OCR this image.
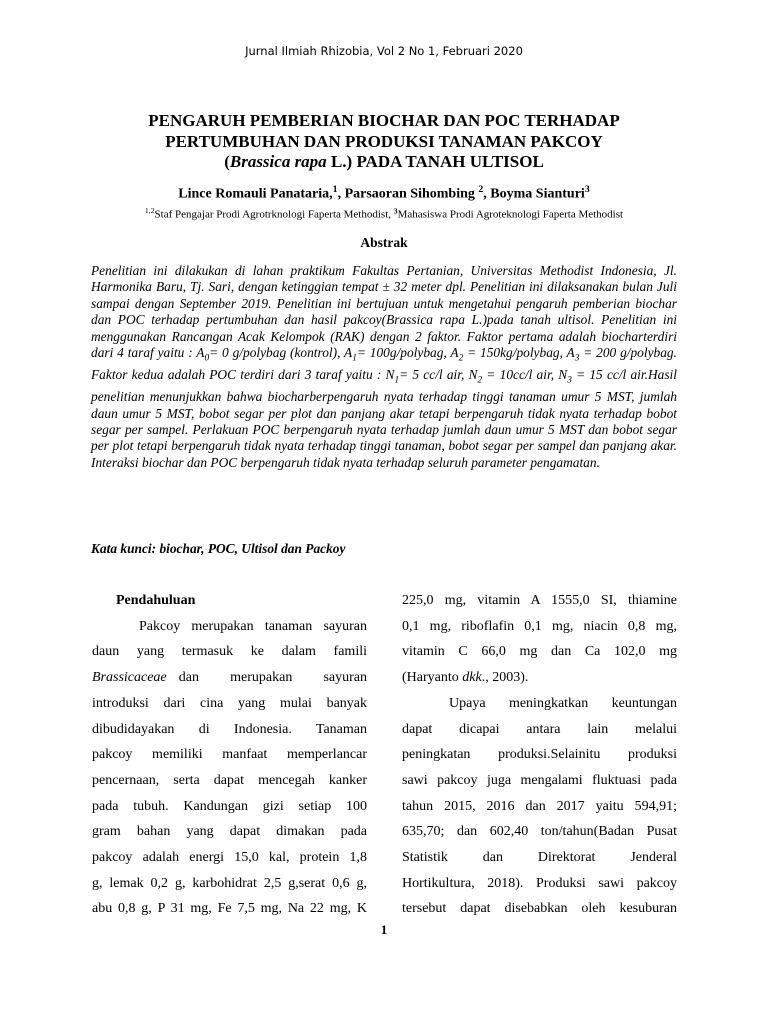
Jurnal Ilmiah Rhizobia, Vol 2 No 1, Februari 2020
PENGARUH PEMBERIAN BIOCHAR DAN POC TERHADAP
PERTUMBUHAN DAN PRODUKSI TANAMAN PAKCOY
(Brassica rapa L.) PADA TANAH ULTISOL
Lince Romauli Panataria,$^1$, Parsaoran Sihombing $^2$, Boyma Sianturi$^3$
$^{1,2}$Staf Pengajar Prodi Agrotrknologi Faperta Methodist, $^3$Mahasiswa Prodi Agroteknologi Faperta Methodist
Abstrak

Penelitian ini dilakukan di lahan praktikum Fakultas Pertanian, Universitas Methodist Indonesia, Jl. Harmonika Baru, Tj. Sari, dengan ketinggian tempat ± 32 meter dpl. Penelitian ini dilaksanakan bulan Juli sampai dengan September 2019. Penelitian ini bertujuan untuk mengetahui pengaruh pemberian biochar dan POC terhadap pertumbuhan dan hasil pakcoy(Brassica rapa L.)pada tanah ultisol. Penelitian ini menggunakan Rancangan Acak Kelompok (RAK) dengan 2 faktor. Faktor pertama adalah biocharterdiri dari 4 taraf yaitu : $A_0= 0$ g/polybag (kontrol), $A_1=$ 100g/polybag, $A_2$ = 150kg/polybag, $A_3 = 200$ g/polybag. Faktor kedua adalah POC terdiri dari 3 taraf yaitu : $N_1= 5$ cc/l air, $N_2 = 10cc/l$ air, $N_3 = 15$ cc/l air.Hasil penelitian menunjukkan bahwa biocharberpengaruh nyata terhadap tinggi tanaman umur 5 MST, jumlah daun umur 5 MST, bobot segar per plot dan panjang akar tetapi berpengaruh tidak nyata terhadap bobot segar per sampel. Perlakuan POC berpengaruh nyata terhadap jumlah daun umur 5 MST dan bobot segar per plot tetapi berpengaruh tidak nyata terhadap tinggi tanaman, bobot segar per sampel dan panjang akar. Interaksi biochar dan POC berpengaruh tidak nyata terhadap seluruh parameter pengamatan.

Kata kunci: biochar, POC, Ultisol dan Packoy

Pendahuluan

Pakcoy merupakan tanaman sayuran

daun yang termasuk ke dalam famili

Brassicaceae dan merupakan sayuran

introduksi dari cina yang mulai banyak

dibudidayakan di Indonesia. Tanaman

pakcoy memiliki manfaat memperlancar

pencernaan, serta dapat mencegah kanker

pada tubuh. Kandungan gizi setiap 100

gram bahan yang dapat dimakan pada

pakcoy adalah energi 15,0 kal, protein 1,8

g, lemak 0,2 g, karbohidrat 2,5 g,serat 0,6 g,

abu 0,8 g, P 31 mg, Fe 7,5 mg, Na 22 mg, K

225,0 mg, vitamin A 1555,0 SI, thiamine

0,1 mg, riboflafin 0,1 mg, niacin 0,8 mg,

vitamin C 66,0 mg dan Ca 102,0 mg

(Haryanto dkk., 2003).

Upaya meningkatkan keuntungan

dapat dicapai antara lain melalui

peningkatan produksi.Selainitu produksi

sawi pakcoy juga mengalami fluktuasi pada

tahun 2015, 2016 dan 2017 yaitu 594,91;

635,70; dan 602,40 ton/tahun(Badan Pusat

Statistik dan Direktorat Jenderal

Hortikultura, 2018). Produksi sawi pakcoy

tersebut dapat disebabkan oleh kesuburan

1
